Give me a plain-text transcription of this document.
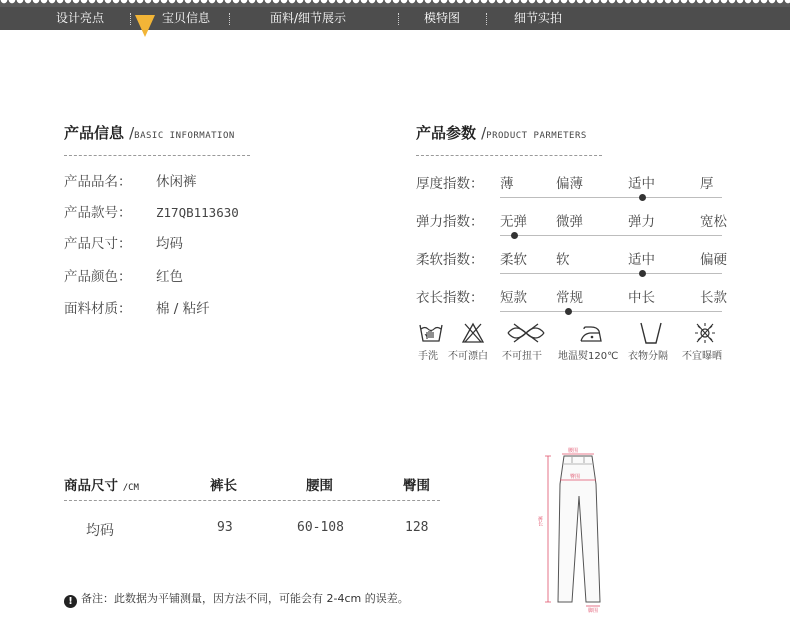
设计亮点	宝贝信息	面料/细节展示	模特图	细节实拍
产品信息 /BASIC INFORMATION
产品品名： 休闲裤
产品款号： Z17QB113630
产品尺寸： 均码
产品颜色： 红色
面料材质： 棉 / 粘纤
产品参数 /PRODUCT PARMETERS
厚度指数： 薄	偏薄	适中	厚
弹力指数： 无弹 微弹	弹力	宽松
柔软指数： 柔软 软	适中	偏硬
衣长指数： 短款 常规	中长	长款
手洗 不可漂白 不可扭干 地温熨120℃ 衣物分隔 不宜曝晒
商品尺寸 /CM	裤长	腰围	臀围
均码	93	60-108	128
腰围
臀围
裤长
脚围
! 备注：此数据为平铺测量，因方法不同，可能会有 2-4cm 的误差。
